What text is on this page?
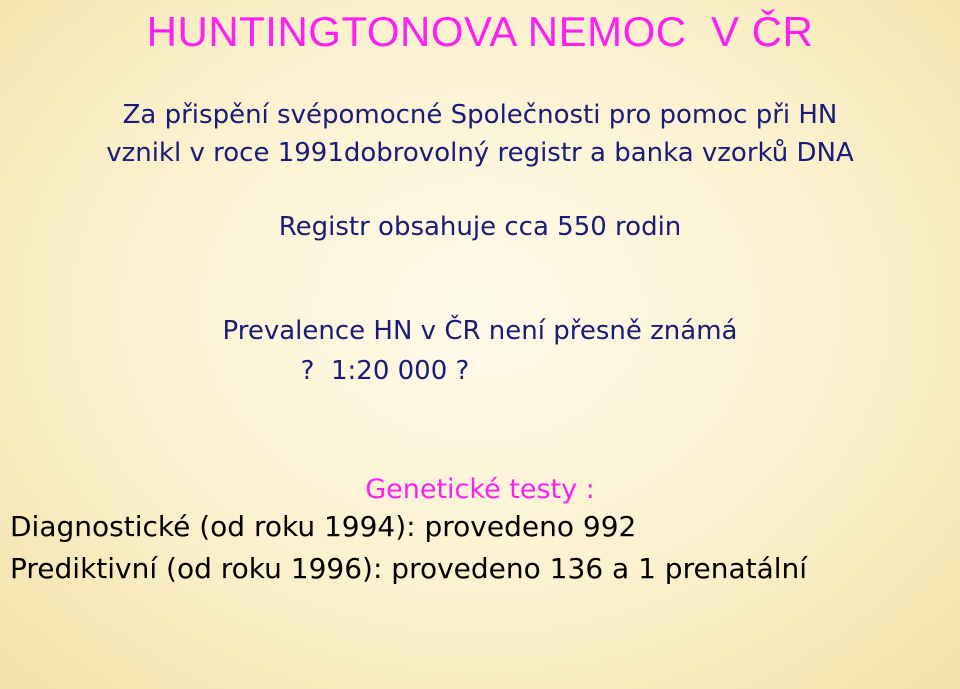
HUNTINGTONOVA NEMOC  V ČR
Za přispění svépomocné Společnosti pro pomoc při HN
vznikl v roce 1991dobrovolný registr a banka vzorků DNA
Registr obsahuje cca 550 rodin
Prevalence HN v ČR není přesně známá
?  1:20 000 ?
Genetické testy :
Diagnostické (od roku 1994): provedeno 992
Prediktivní (od roku 1996): provedeno 136 a 1 prenatální
